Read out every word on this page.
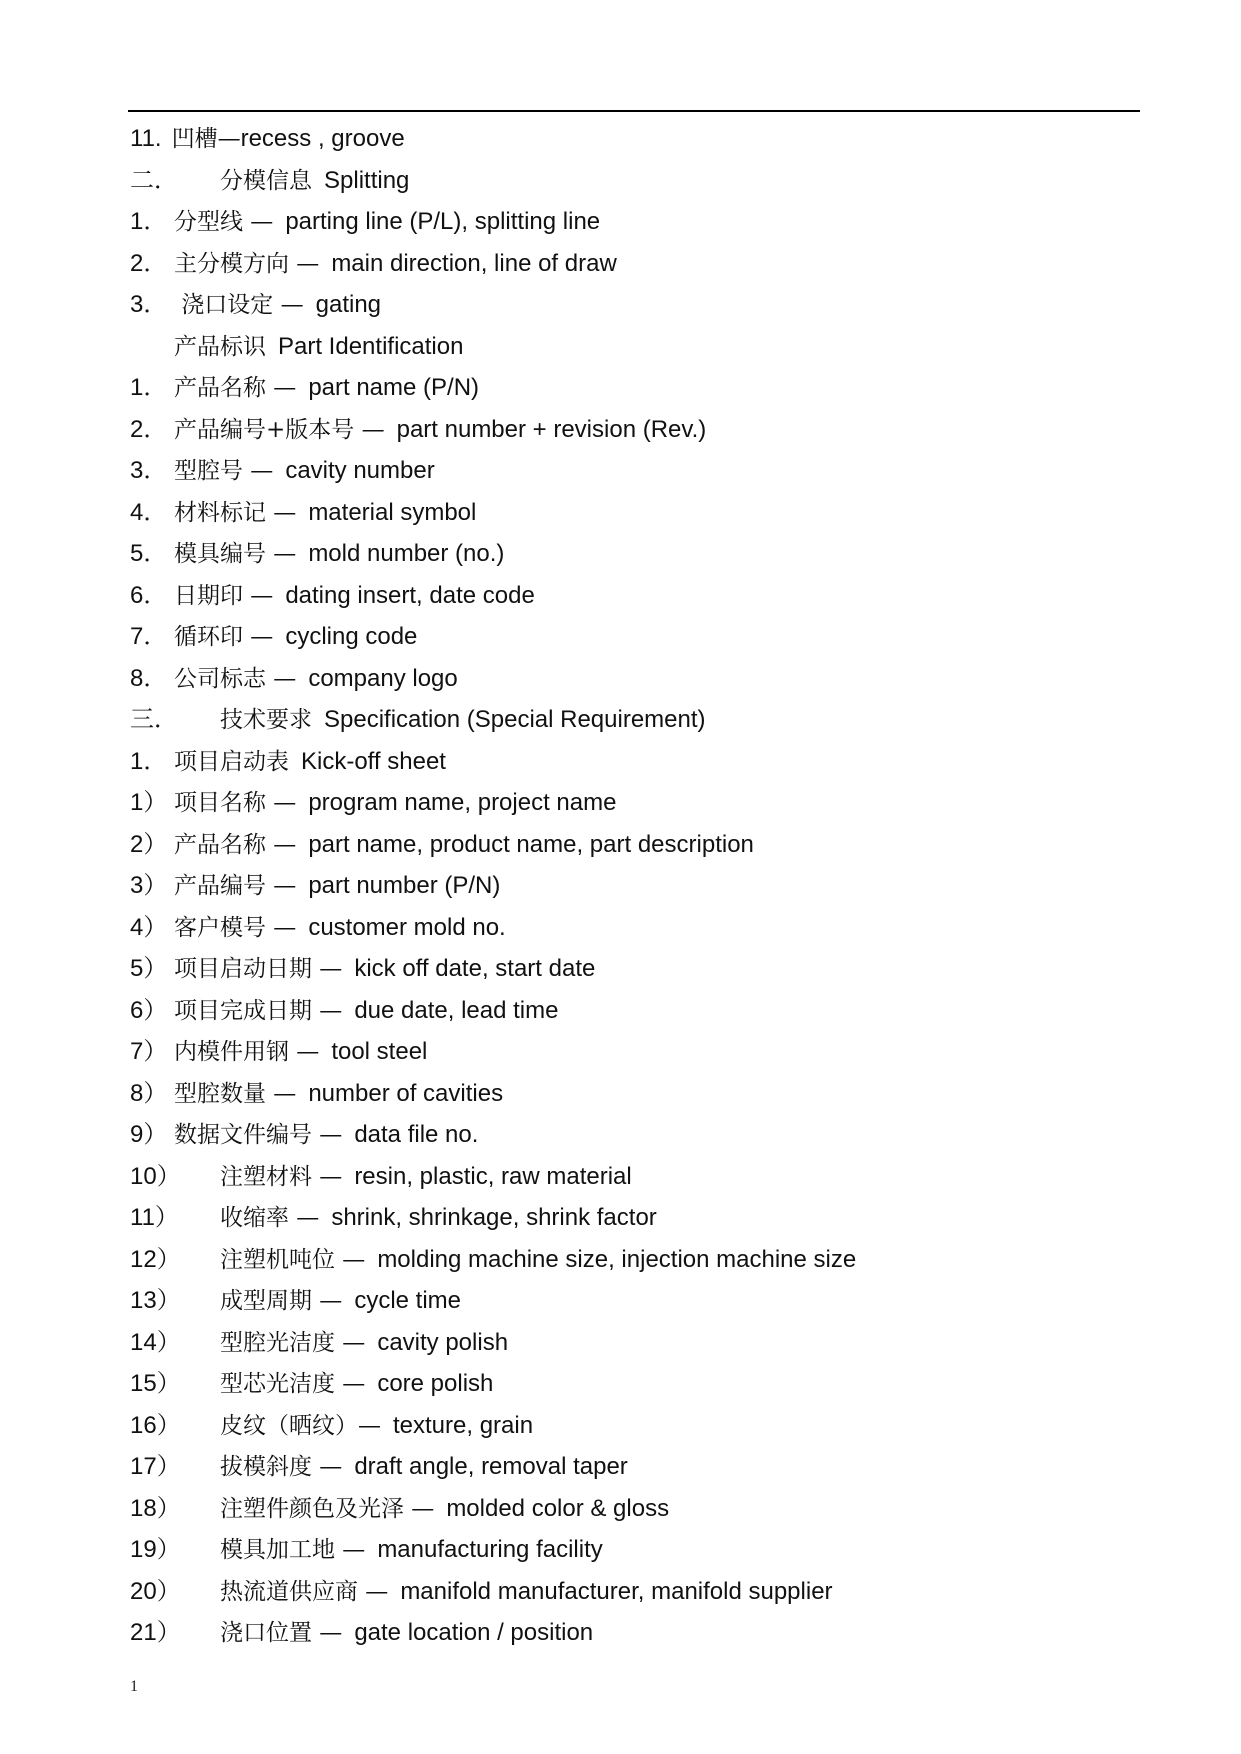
11. 凹槽—recess , groove
二． 分模信息 Splitting
1． 分型线 — parting line (P/L), splitting line
2． 主分模方向 — main direction, line of draw
3． 浇口设定 — gating
产品标识 Part Identification
1． 产品名称 — part name (P/N)
2． 产品编号+版本号 — part number + revision (Rev.)
3． 型腔号 — cavity number
4． 材料标记 — material symbol
5． 模具编号 — mold number (no.)
6． 日期印 — dating insert, date code
7． 循环印 — cycling code
8． 公司标志 — company logo
三． 技术要求 Specification (Special Requirement)
1． 项目启动表 Kick-off sheet
1） 项目名称 — program name, project name
2） 产品名称 — part name, product name, part description
3） 产品编号 — part number (P/N)
4） 客户模号 — customer mold no.
5） 项目启动日期 — kick off date, start date
6） 项目完成日期 — due date, lead time
7） 内模件用钢 — tool steel
8） 型腔数量 — number of cavities
9） 数据文件编号 — data file no.
10） 注塑材料 — resin, plastic, raw material
11） 收缩率 — shrink, shrinkage, shrink factor
12） 注塑机吨位 — molding machine size, injection machine size
13） 成型周期 — cycle time
14） 型腔光洁度 — cavity polish
15） 型芯光洁度 — core polish
16） 皮纹（晒纹）— texture, grain
17） 拔模斜度 — draft angle, removal taper
18） 注塑件颜色及光泽 — molded color & gloss
19） 模具加工地 — manufacturing facility
20） 热流道供应商 — manifold manufacturer, manifold supplier
21） 浇口位置 — gate location / position
1
